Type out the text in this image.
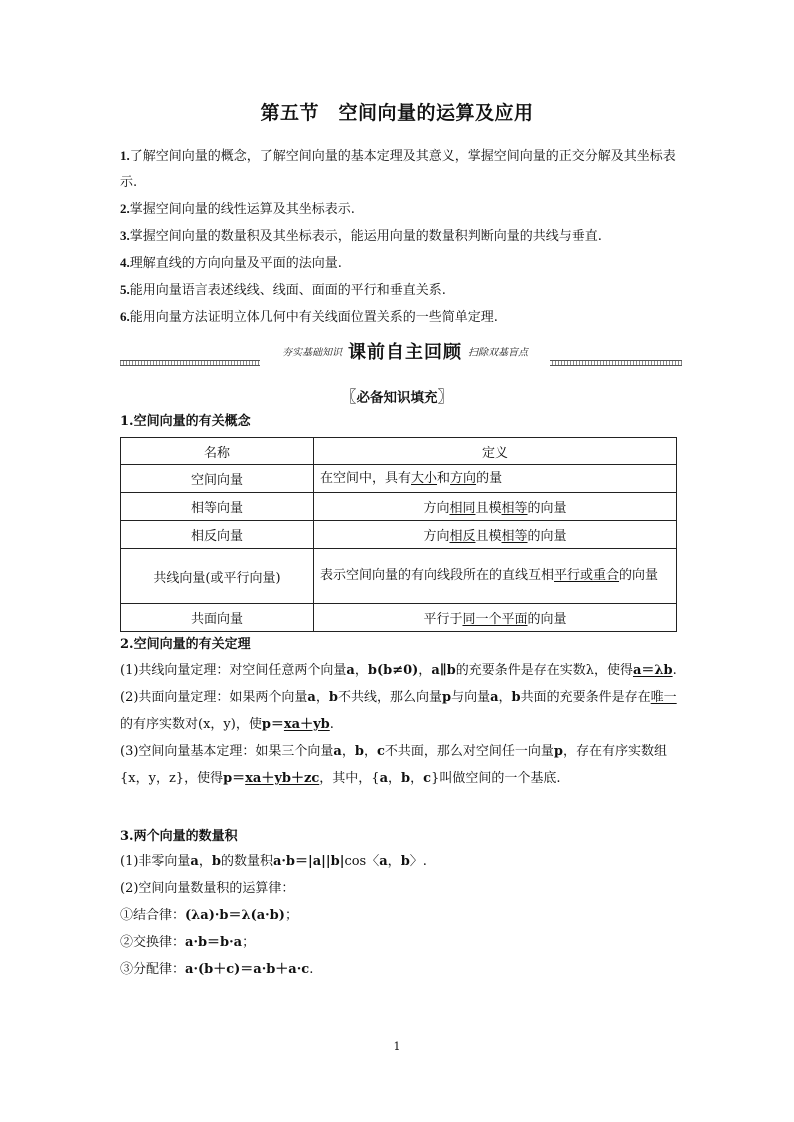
第五节　空间向量的运算及应用

1.了解空间向量的概念，了解空间向量的基本定理及其意义，掌握空间向量的正交分解及其坐标表示.

2.掌握空间向量的线性运算及其坐标表示.

3.掌握空间向量的数量积及其坐标表示，能运用向量的数量积判断向量的共线与垂直.

4.理解直线的方向向量及平面的法向量.

5.能用向量语言表述线线、线面、面面的平行和垂直关系.

6.能用向量方法证明立体几何中有关线面位置关系的一些简单定理.

夯实基础知识 课前自主回顾 扫除双基盲点
〖必备知识填充〗
1.空间向量的有关概念
名称	定义
空间向量	在空间中，具有大小和方向的量
相等向量	方向相同且模相等的向量
相反向量	方向相反且模相等的向量
共线向量(或平行向量)	表示空间向量的有向线段所在的直线互相平行或重合的向量
共面向量	平行于同一个平面的向量
2.空间向量的有关定理

(1)共线向量定理：对空间任意两个向量a，b(b≠0)，a∥b的充要条件是存在实数λ，使得a＝λb.

(2)共面向量定理：如果两个向量a，b不共线，那么向量p与向量a，b共面的充要条件是存在唯一的有序实数对(x，y)，使p＝xa＋yb.

(3)空间向量基本定理：如果三个向量a，b，c不共面，那么对空间任一向量p，存在有序实数组{x，y，z}，使得p＝xa＋yb＋zc，其中，{a，b，c}叫做空间的一个基底.

3.两个向量的数量积

(1)非零向量a，b的数量积a·b＝|a||b|cos〈a，b〉.

(2)空间向量数量积的运算律：

①结合律：(λa)·b＝λ(a·b)；

②交换律：a·b＝b·a；

③分配律：a·(b＋c)＝a·b＋a·c.

1
